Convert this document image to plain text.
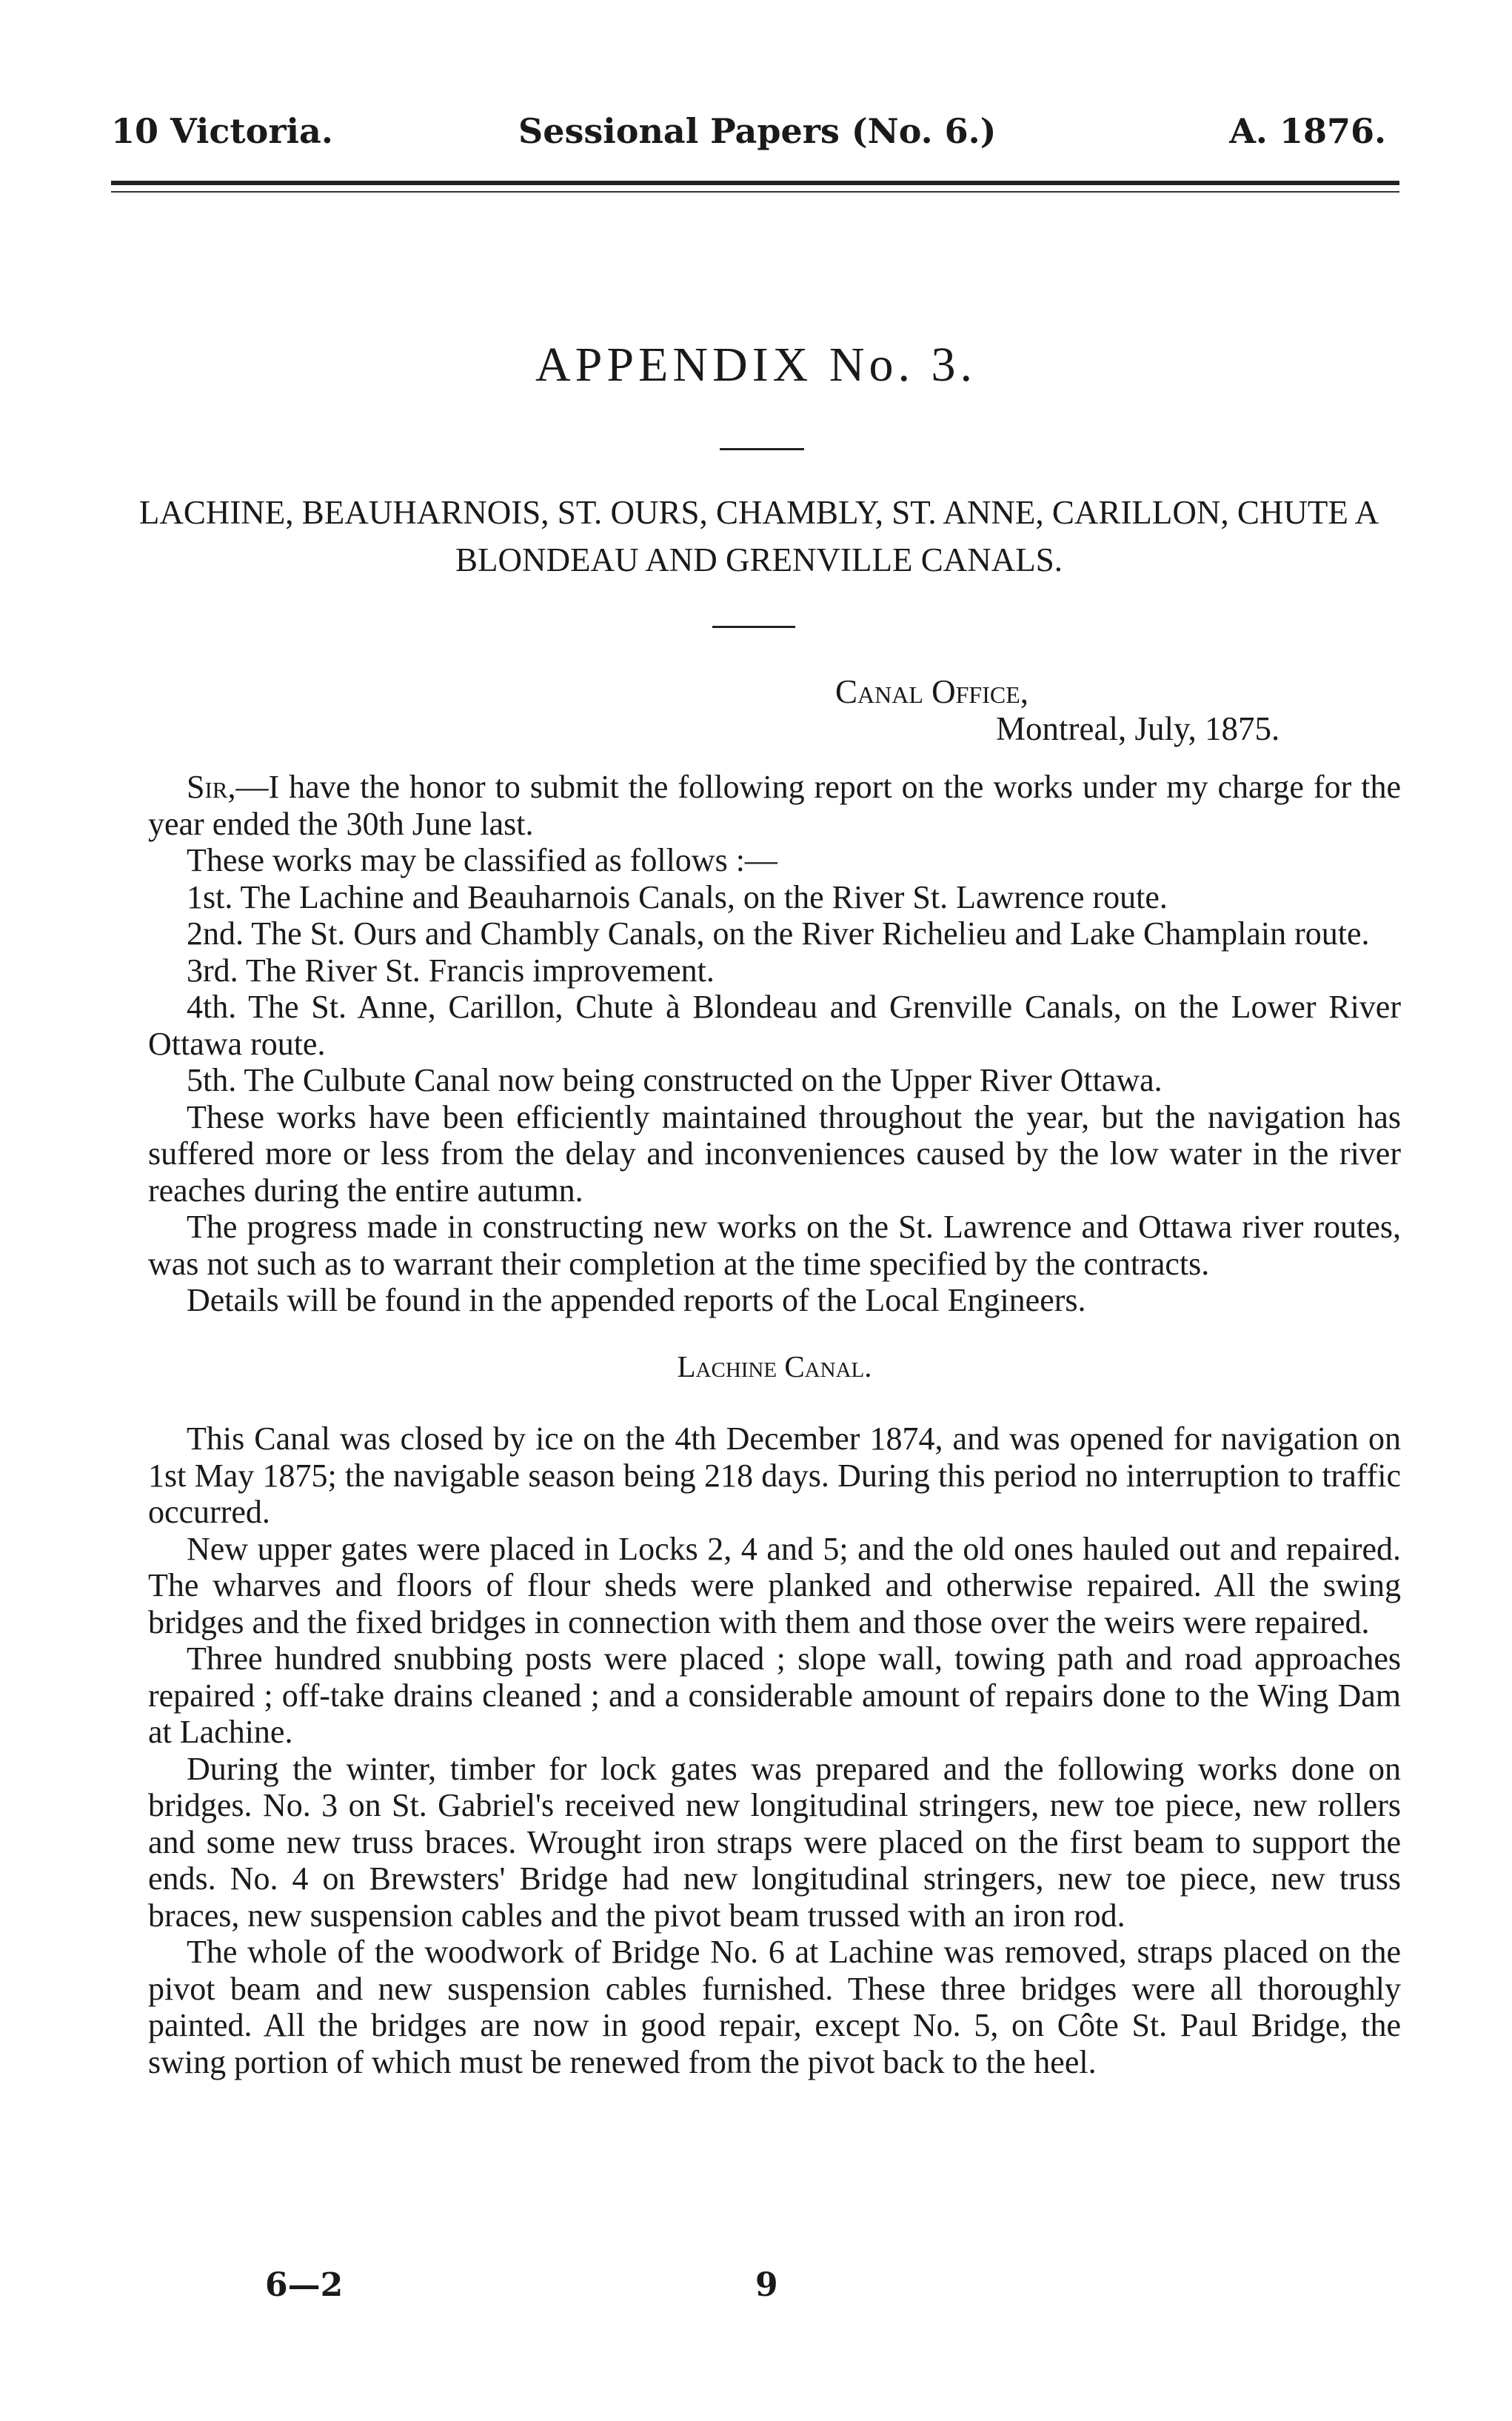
10 Victoria.	Sessional Papers (No. 6.)	A. 1876.
APPENDIX No. 3.
LACHINE, BEAUHARNOIS, ST. OURS, CHAMBLY, ST. ANNE, CARILLON, CHUTE A BLONDEAU AND GRENVILLE CANALS.
Canal Office,
Montreal, July, 1875.

Sir,—I have the honor to submit the following report on the works under my charge for the year ended the 30th June last.

These works may be classified as follows :—

1st. The Lachine and Beauharnois Canals, on the River St. Lawrence route.

2nd. The St. Ours and Chambly Canals, on the River Richelieu and Lake Champlain route.

3rd. The River St. Francis improvement.

4th. The St. Anne, Carillon, Chute à Blondeau and Grenville Canals, on the Lower River Ottawa route.

5th. The Culbute Canal now being constructed on the Upper River Ottawa.

These works have been efficiently maintained throughout the year, but the navigation has suffered more or less from the delay and inconveniences caused by the low water in the river reaches during the entire autumn.

The progress made in constructing new works on the St. Lawrence and Ottawa river routes, was not such as to warrant their completion at the time specified by the contracts.

Details will be found in the appended reports of the Local Engineers.

Lachine Canal.

This Canal was closed by ice on the 4th December 1874, and was opened for navigation on 1st May 1875; the navigable season being 218 days. During this period no interruption to traffic occurred.

New upper gates were placed in Locks 2, 4 and 5; and the old ones hauled out and repaired. The wharves and floors of flour sheds were planked and otherwise repaired. All the swing bridges and the fixed bridges in connection with them and those over the weirs were repaired.

Three hundred snubbing posts were placed ; slope wall, towing path and road approaches repaired ; off-take drains cleaned ; and a considerable amount of repairs done to the Wing Dam at Lachine.

During the winter, timber for lock gates was prepared and the following works done on bridges. No. 3 on St. Gabriel's received new longitudinal stringers, new toe piece, new rollers and some new truss braces. Wrought iron straps were placed on the first beam to support the ends. No. 4 on Brewsters' Bridge had new longitudinal stringers, new toe piece, new truss braces, new suspension cables and the pivot beam trussed with an iron rod.

The whole of the woodwork of Bridge No. 6 at Lachine was removed, straps placed on the pivot beam and new suspension cables furnished. These three bridges were all thoroughly painted. All the bridges are now in good repair, except No. 5, on Côte St. Paul Bridge, the swing portion of which must be renewed from the pivot back to the heel.

6—2	9
